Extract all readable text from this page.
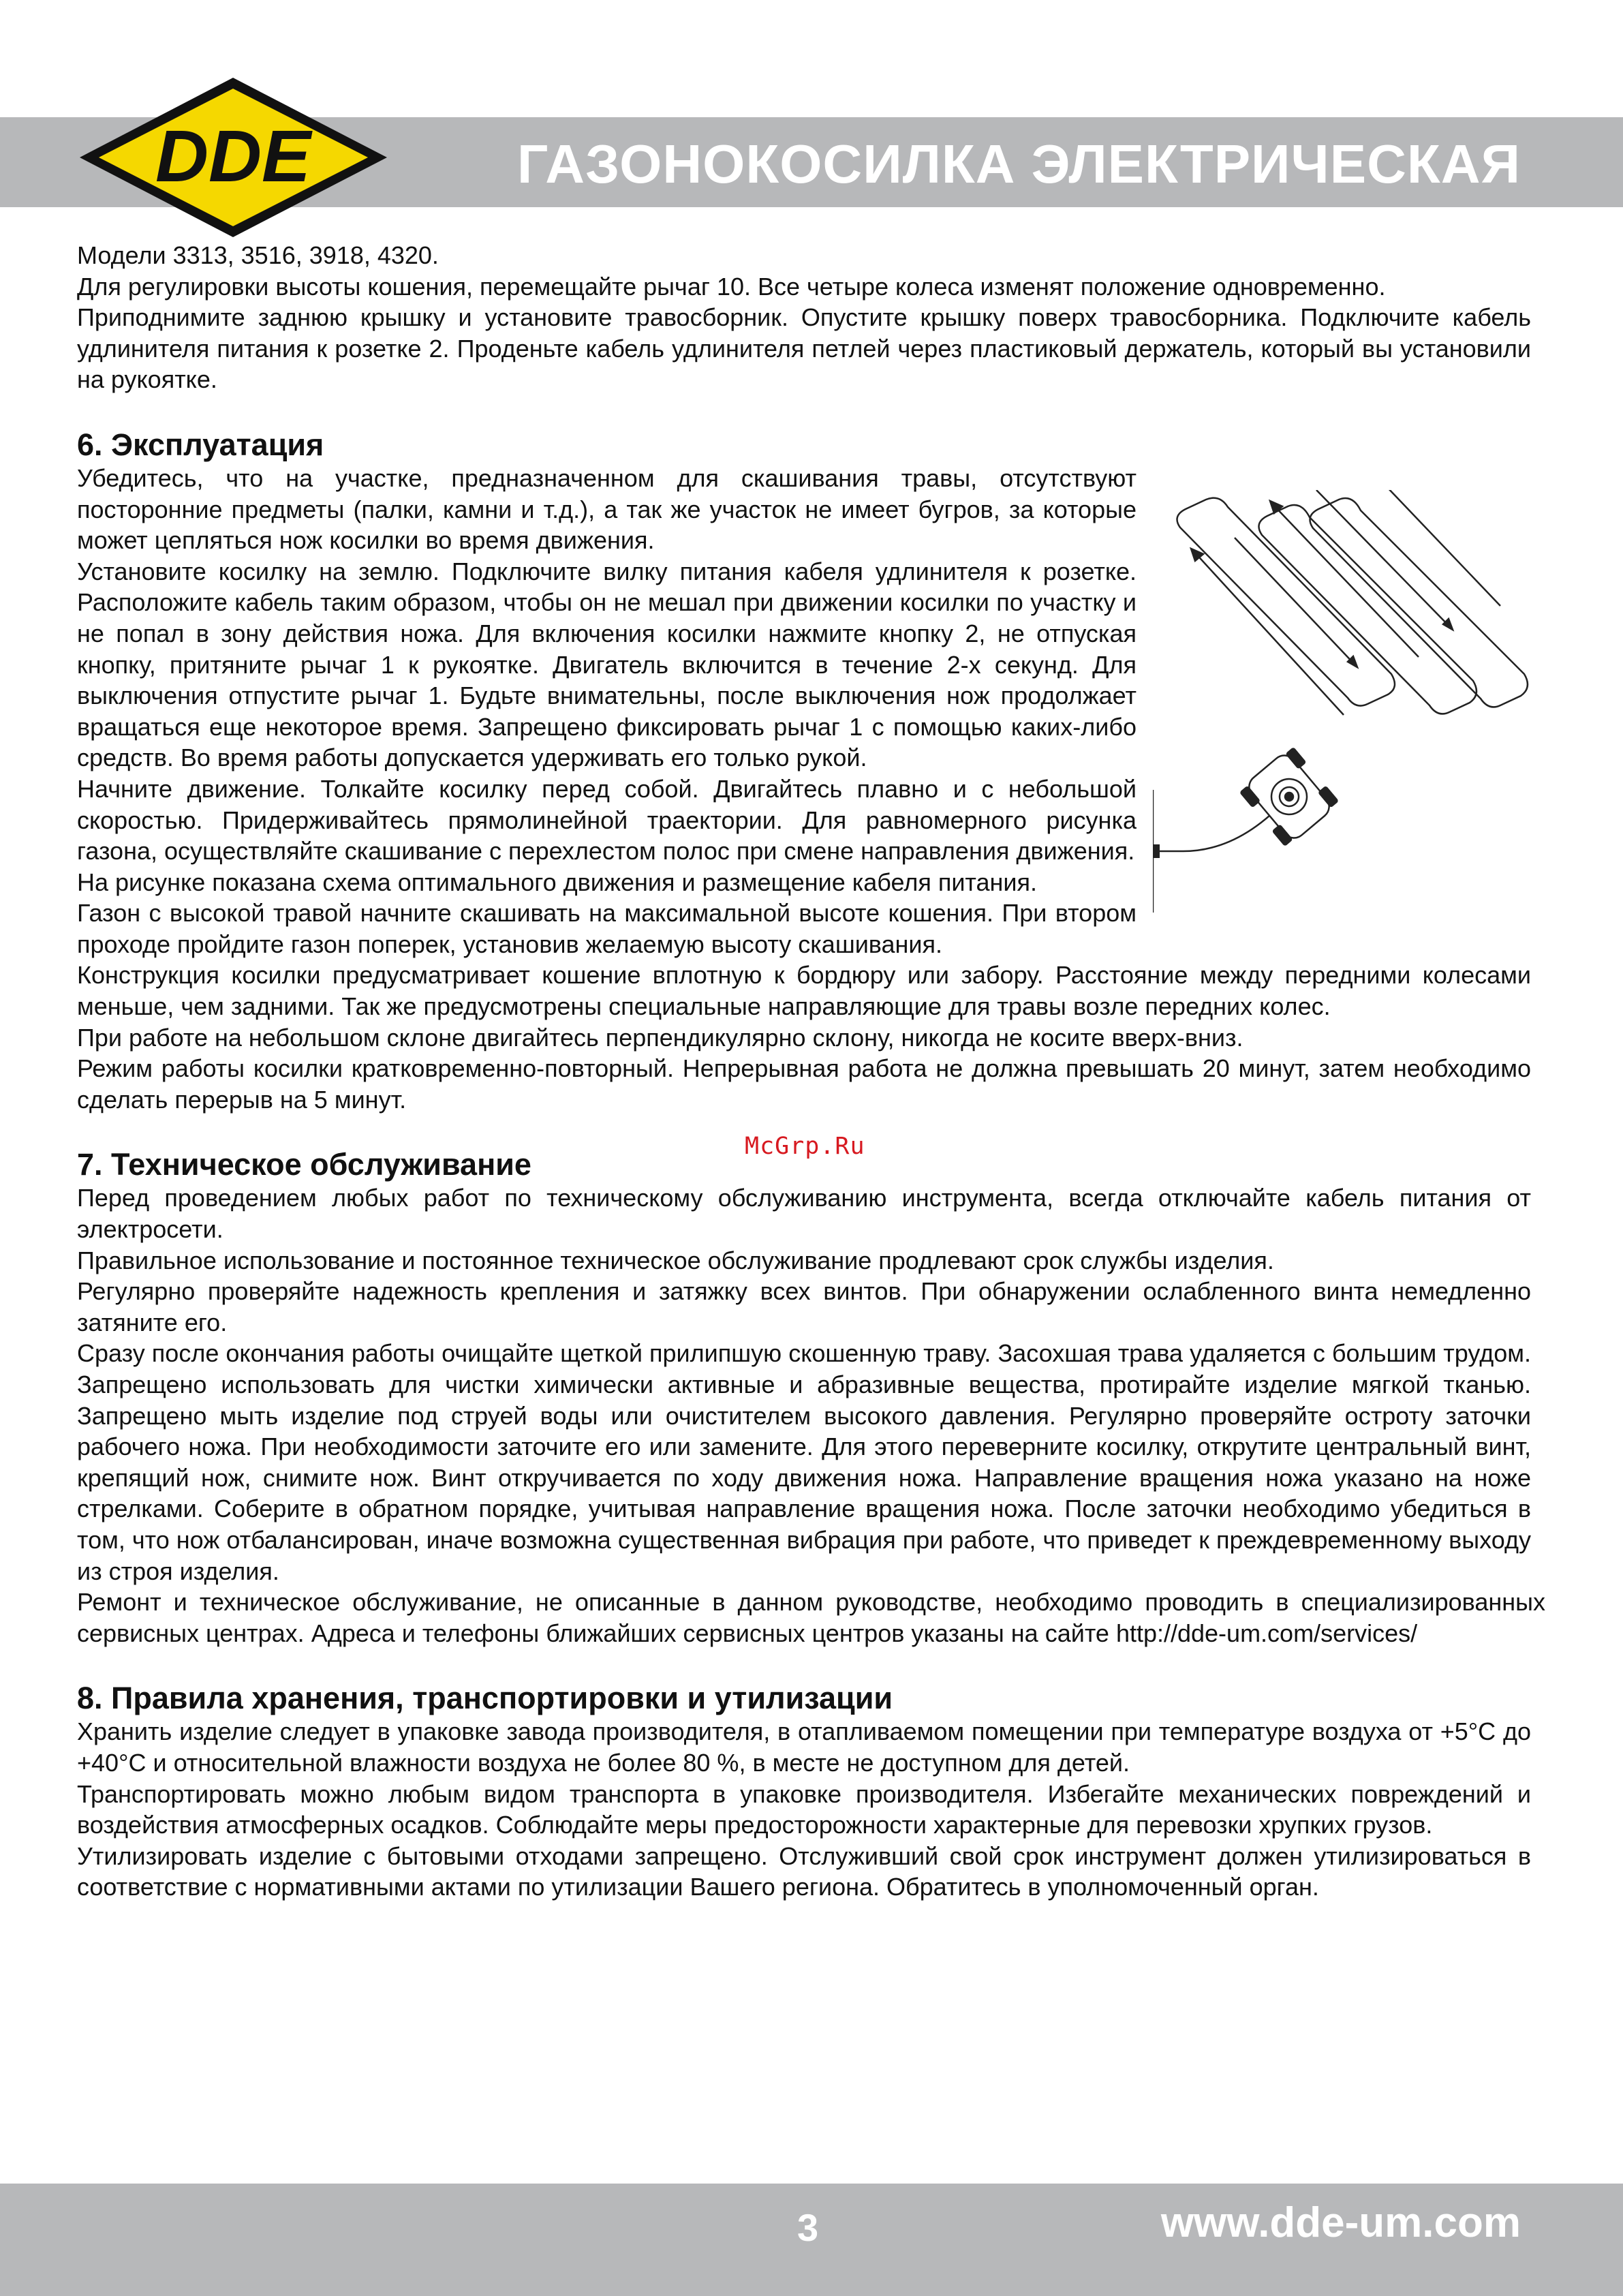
DDE	ГАЗОНОКОСИЛКА ЭЛЕКТРИЧЕСКАЯ

Модели 3313, 3516, 3918, 4320.

Для регулировки высоты кошения, перемещайте рычаг 10. Все четыре колеса изменят положение одновременно.

Приподнимите заднюю крышку и установите травосборник. Опустите крышку поверх травосборника. Подключите кабель удлинителя питания к розетке 2. Проденьте кабель удлинителя петлей через пластиковый держатель, который вы установили на рукоятке.

6. Эксплуатация

Убедитесь, что на участке, предназначенном для скашивания травы, отсутствуют посторонние предметы (палки, камни и т.д.), а так же участок не имеет бугров, за которые может цепляться нож косилки во время движения.

Установите косилку на землю. Подключите вилку питания кабеля удлинителя к розетке. Расположите кабель таким образом, чтобы он не мешал при движении косилки по участку и не попал в зону действия ножа. Для включения косилки нажмите кнопку 2, не отпуская кнопку, притяните рычаг 1 к рукоятке. Двигатель включится в течение 2-х секунд. Для выключения отпустите рычаг 1. Будьте внимательны, после выключения нож продолжает вращаться еще некоторое время. Запрещено фиксировать рычаг 1 с помощью каких-либо средств. Во время работы допускается удерживать его только рукой.

Начните движение. Толкайте косилку перед собой. Двигайтесь плавно и с небольшой скоростью. Придерживайтесь прямолинейной траектории. Для равномерного рисунка газона, осуществляйте скашивание с перехлестом полос при смене направления движения.

На рисунке показана схема оптимального движения и размещение кабеля питания.

Газон с высокой травой начните скашивать на максимальной высоте кошения. При втором проходе пройдите газон поперек, установив желаемую высоту скашивания.

Конструкция косилки предусматривает кошение вплотную к бордюру или забору. Расстояние между передними колесами меньше, чем задними. Так же предусмотрены специальные направляющие для травы возле передних колес.

При работе на небольшом склоне двигайтесь перпендикулярно склону, никогда не косите вверх-вниз.

Режим работы косилки кратковременно-повторный. Непрерывная работа не должна превышать 20 минут, затем необходимо сделать перерыв на 5 минут.

7. Техническое обслуживание

Перед проведением любых работ по техническому обслуживанию инструмента, всегда отключайте кабель питания от электросети.

Правильное использование и постоянное техническое обслуживание продлевают срок службы изделия.

Регулярно проверяйте надежность крепления и затяжку всех винтов. При обнаружении ослабленного винта немедленно затяните его.

Сразу после окончания работы очищайте щеткой прилипшую скошенную траву. Засохшая трава удаляется с большим трудом. Запрещено использовать для чистки химически активные и абразивные вещества, протирайте изделие мягкой тканью. Запрещено мыть изделие под струей воды или очистителем высокого давления. Регулярно проверяйте остроту заточки рабочего ножа. При необходимости заточите его или замените. Для этого переверните косилку, открутите центральный винт, крепящий нож, снимите нож. Винт откручивается по ходу движения ножа. Направление вращения ножа указано на ноже стрелками. Соберите в обратном порядке, учитывая направление вращения ножа. После заточки необходимо убедиться в том, что нож отбалансирован, иначе возможна существенная вибрация при работе, что приведет к преждевременному выходу из строя изделия.

Ремонт и техническое обслуживание, не описанные в данном руководстве, необходимо проводить в специализированных сервисных центрах. Адреса и телефоны ближайших сервисных центров указаны на сайте http://dde-um.com/services/

8. Правила хранения, транспортировки и утилизации

Хранить изделие следует в упаковке завода производителя, в отапливаемом помещении при температуре воздуха от +5°C до +40°C и относительной влажности воздуха не более 80 %, в месте не доступном для детей.

Транспортировать можно любым видом транспорта в упаковке производителя. Избегайте механических повреждений и воздействия атмосферных осадков. Соблюдайте меры предосторожности характерные для перевозки хрупких грузов.

Утилизировать изделие с бытовыми отходами запрещено. Отслуживший свой срок инструмент должен утилизироваться в соответствие с нормативными актами по утилизации Вашего региона. Обратитесь в уполномоченный орган.

McGrp.Ru
3	www.dde-um.com
